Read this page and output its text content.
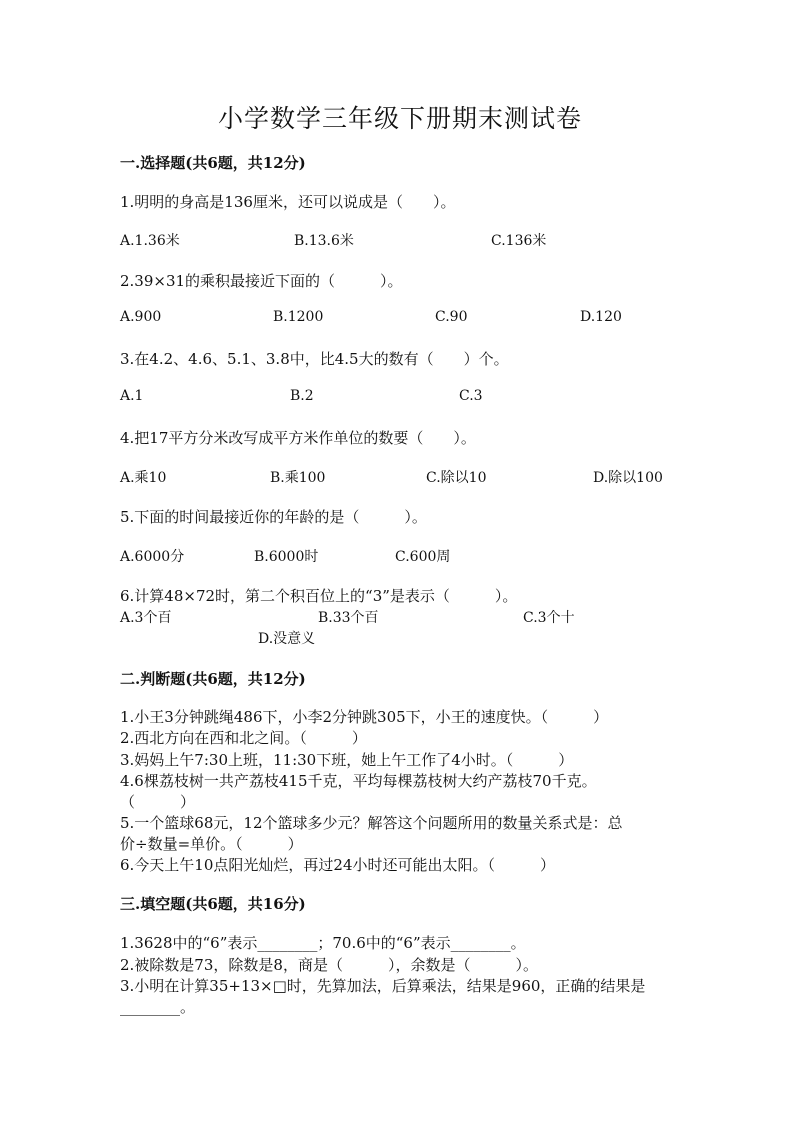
小学数学三年级下册期末测试卷
一.选择题(共6题，共12分)
1.明明的身高是136厘米，还可以说成是（　　）。
A.1.36米	B.13.6米	C.136米
2.39×31的乘积最接近下面的（　　　）。
A.900	B.1200	C.90	D.120
3.在4.2、4.6、5.1、3.8中，比4.5大的数有（　　）个。
A.1	B.2	C.3
4.把17平方分米改写成平方米作单位的数要（　　）。
A.乘10	B.乘100	C.除以10	D.除以100
5.下面的时间最接近你的年龄的是（　　　）。
A.6000分	B.6000时	C.600周
6.计算48×72时，第二个积百位上的“3”是表示（　　　）。
A.3个百	B.33个百	C.3个十
D.没意义
二.判断题(共6题，共12分)
1.小王3分钟跳绳486下，小李2分钟跳305下，小王的速度快。（　　　）
2.西北方向在西和北之间。（　　　）
3.妈妈上午7:30上班，11:30下班，她上午工作了4小时。（　　　）
4.6棵荔枝树一共产荔枝415千克，平均每棵荔枝树大约产荔枝70千克。
（　　　）
5.一个篮球68元，12个篮球多少元？解答这个问题所用的数量关系式是：总
价÷数量=单价。（　　　）
6.今天上午10点阳光灿烂，再过24小时还可能出太阳。（　　　）
三.填空题(共6题，共16分)
1.3628中的“6”表示________；70.6中的“6”表示________。
2.被除数是73，除数是8，商是（　　　），余数是（　　　）。
3.小明在计算35+13×□时，先算加法，后算乘法，结果是960，正确的结果是
________。
